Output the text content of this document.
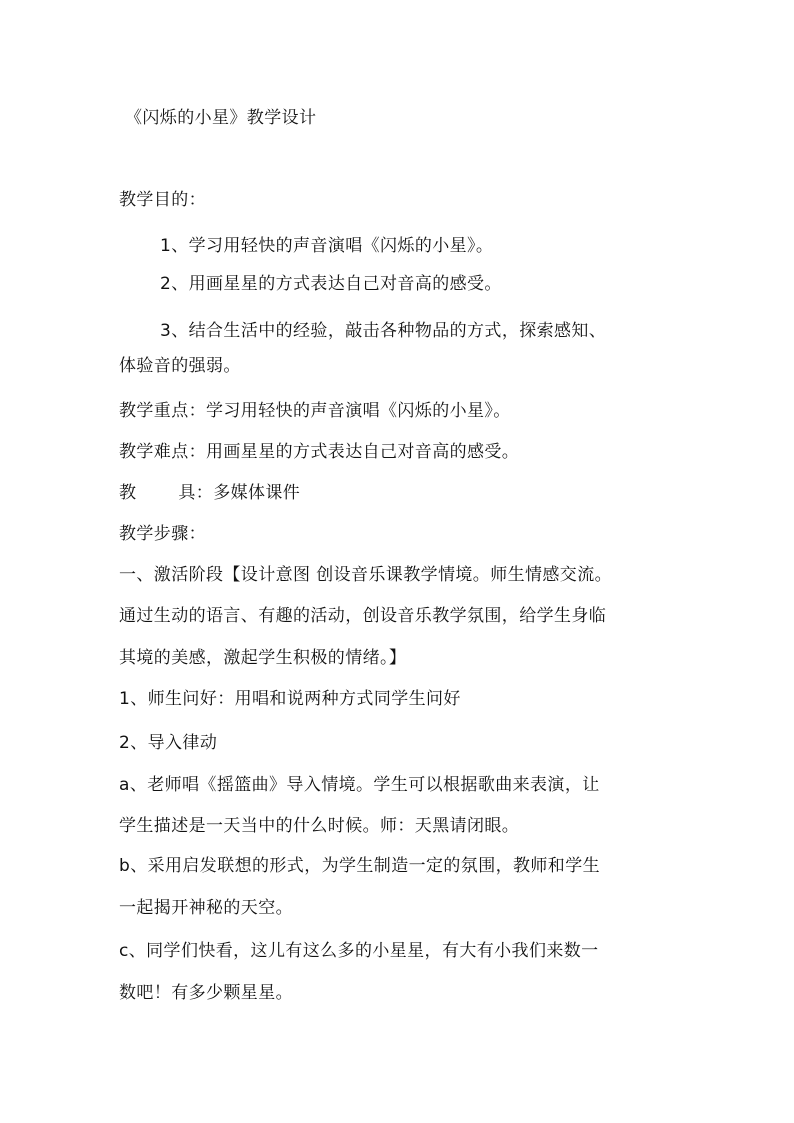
《闪烁的小星》教学设计
教学目的：
1、学习用轻快的声音演唱《闪烁的小星》。
2、用画星星的方式表达自己对音高的感受。
3、结合生活中的经验，敲击各种物品的方式，探索感知、
体验音的强弱。
教学重点：学习用轻快的声音演唱《闪烁的小星》。
教学难点：用画星星的方式表达自己对音高的感受。
教 具：多媒体课件
教学步骤：
一、激活阶段【设计意图 创设音乐课教学情境。师生情感交流。
通过生动的语言、有趣的活动，创设音乐教学氛围，给学生身临
其境的美感，激起学生积极的情绪。】
1、师生问好：用唱和说两种方式同学生问好
2、导入律动
a、老师唱《摇篮曲》导入情境。学生可以根据歌曲来表演，让
学生描述是一天当中的什么时候。师：天黑请闭眼。
b、采用启发联想的形式，为学生制造一定的氛围，教师和学生
一起揭开神秘的天空。
c、同学们快看，这儿有这么多的小星星，有大有小我们来数一
数吧！有多少颗星星。
